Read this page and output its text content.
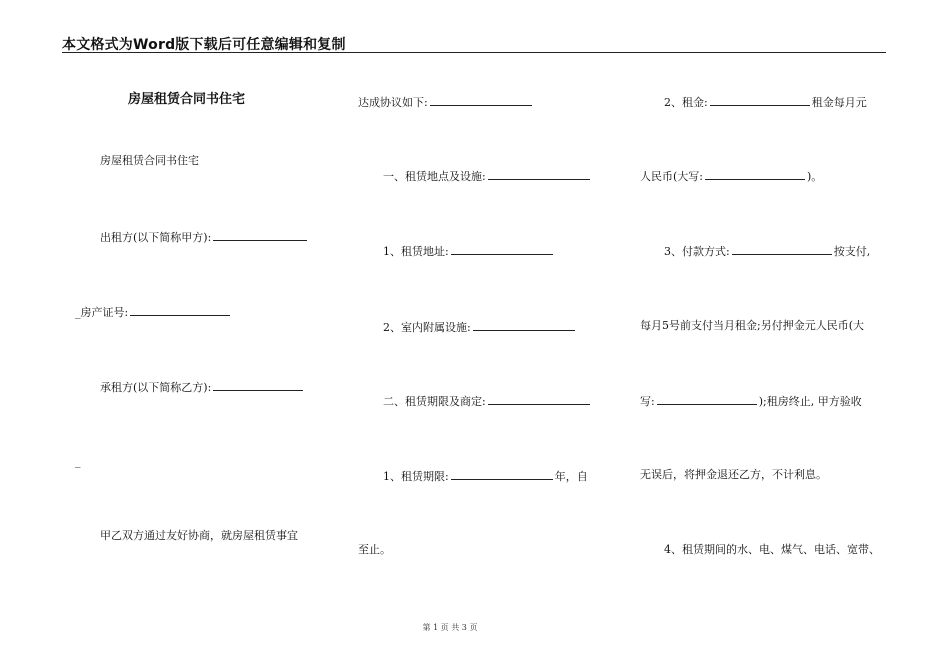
本文格式为Word版下载后可任意编辑和复制
房屋租赁合同书住宅
房屋租赁合同书住宅
出租方(以下简称甲方):
_房产证号:
承租方(以下简称乙方):
_
甲乙双方通过友好协商，就房屋租赁事宜
达成协议如下:
一、租赁地点及设施:
1、租赁地址:
2、室内附属设施:
二、租赁期限及商定:
1、租赁期限:	年，自
至止。
2、租金:	租金每月元
人民币(大写:	)。
3、付款方式:	按支付,
每月5号前支付当月租金;另付押金元人民币(大
写:	);租房终止, 甲方验收
无误后，将押金退还乙方，不计利息。
4、租赁期间的水、电、煤气、电话、宽带、
第 1 页 共 3 页
